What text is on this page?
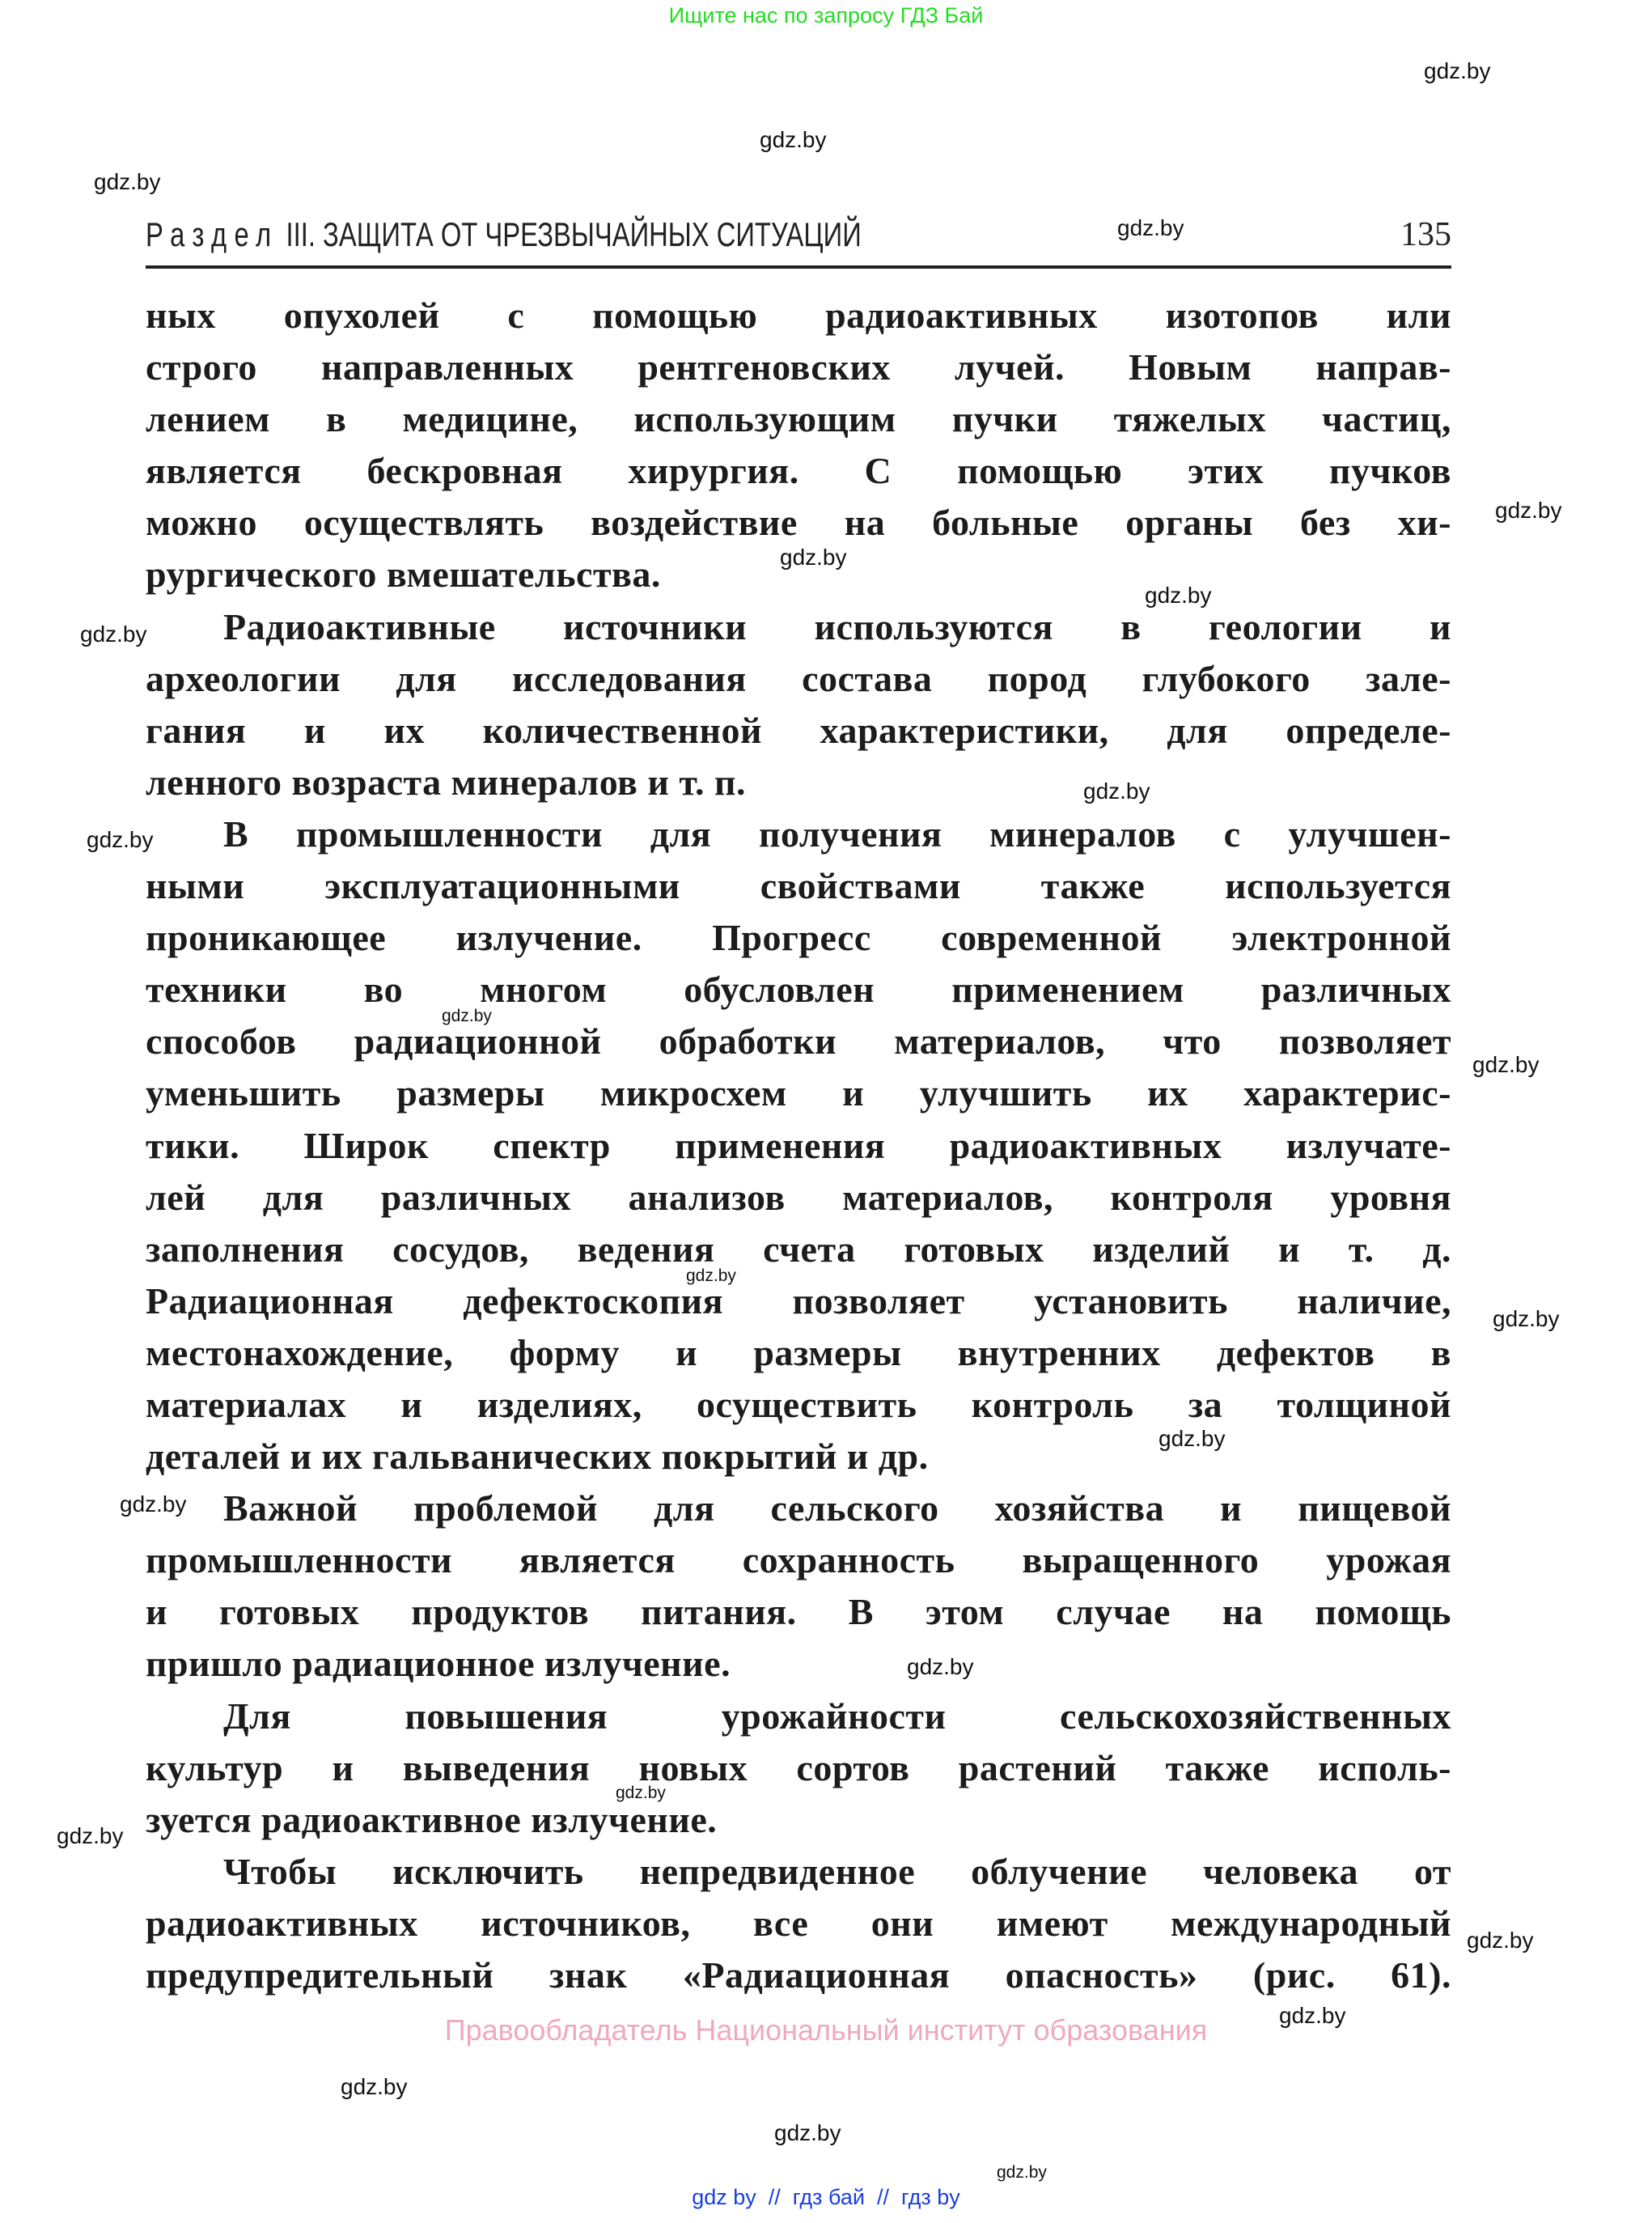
Ищите нас по запросу ГДЗ Бай
Раздел III. ЗАЩИТА ОТ ЧРЕЗВЫЧАЙНЫХ СИТУАЦИЙ	135
ных опухолей с помощью радиоактивных изотопов или
строго направленных рентгеновских лучей. Новым направ-
лением в медицине, использующим пучки тяжелых частиц,
является бескровная хирургия. С помощью этих пучков
можно осуществлять воздействие на больные органы без хи-
рургического вмешательства.
Радиоактивные источники используются в геологии и
археологии для исследования состава пород глубокого зале-
гания и их количественной характеристики, для определе-
ленного возраста минералов и т. п.
В промышленности для получения минералов с улучшен-
ными эксплуатационными свойствами также используется
проникающее излучение. Прогресс современной электронной
техники во многом обусловлен применением различных
способов радиационной обработки материалов, что позволяет
уменьшить размеры микросхем и улучшить их характерис-
тики. Широк спектр применения радиоактивных излучате-
лей для различных анализов материалов, контроля уровня
заполнения сосудов, ведения счета готовых изделий и т. д.
Радиационная дефектоскопия позволяет установить наличие,
местонахождение, форму и размеры внутренних дефектов в
материалах и изделиях, осуществить контроль за толщиной
деталей и их гальванических покрытий и др.
Важной проблемой для сельского хозяйства и пищевой
промышленности является сохранность выращенного урожая
и готовых продуктов питания. В этом случае на помощь
пришло радиационное излучение.
Для повышения урожайности сельскохозяйственных
культур и выведения новых сортов растений также исполь-
зуется радиоактивное излучение.
Чтобы исключить непредвиденное облучение человека от
радиоактивных источников, все они имеют международный
предупредительный знак «Радиационная опасность» (рис. 61).
gdz.by
gdz.by
gdz.by
gdz.by
gdz.by
gdz.by
gdz.by
gdz.by
gdz.by
gdz.by
gdz.by
gdz.by
gdz.by
gdz.by
gdz.by
gdz.by
gdz.by
gdz.by
gdz.by
gdz.by
gdz.by
gdz.by
gdz.by
gdz.by
Правообладатель Национальный институт образования
gdz by  //  гдз бай  //  гдз by
